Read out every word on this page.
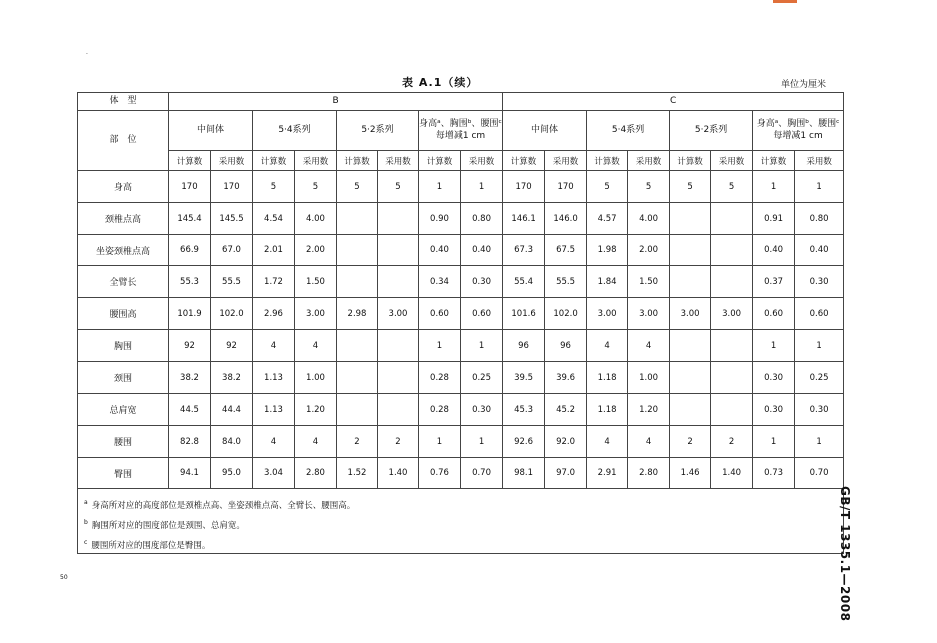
·
表 A.1（续）	单位为厘米
体　型	B								C							
部　位	中间体		5·4系列		5·2系列		身高ᵃ、胸围ᵇ、腰围ᶜ每增减1 cm		中间体		5·4系列		5·2系列		身高ᵃ、胸围ᵇ、腰围ᶜ每增减1 cm	
	计算数	采用数	计算数	采用数	计算数	采用数	计算数	采用数	计算数	采用数	计算数	采用数	计算数	采用数	计算数	采用数
身高	170	170	5	5	5	5	1	1	170	170	5	5	5	5	1	1
颈椎点高	145.4	145.5	4.54	4.00			0.90	0.80	146.1	146.0	4.57	4.00			0.91	0.80
坐姿颈椎点高	66.9	67.0	2.01	2.00			0.40	0.40	67.3	67.5	1.98	2.00			0.40	0.40
全臂长	55.3	55.5	1.72	1.50			0.34	0.30	55.4	55.5	1.84	1.50			0.37	0.30
腰围高	101.9	102.0	2.96	3.00	2.98	3.00	0.60	0.60	101.6	102.0	3.00	3.00	3.00	3.00	0.60	0.60
胸围	92	92	4	4			1	1	96	96	4	4			1	1
颈围	38.2	38.2	1.13	1.00			0.28	0.25	39.5	39.6	1.18	1.00			0.30	0.25
总肩宽	44.5	44.4	1.13	1.20			0.28	0.30	45.3	45.2	1.18	1.20			0.30	0.30
腰围	82.8	84.0	4	4	2	2	1	1	92.6	92.0	4	4	2	2	1	1
臀围	94.1	95.0	3.04	2.80	1.52	1.40	0.76	0.70	98.1	97.0	2.91	2.80	1.46	1.40	0.73	0.70

$^a$ 身高所对应的高度部位是颈椎点高、坐姿颈椎点高、全臂长、腰围高。
$^b$ 胸围所对应的围度部位是颈围、总肩宽。
$^c$ 腰围所对应的围度部位是臀围。																	GB/T 1335.1—2008
50
